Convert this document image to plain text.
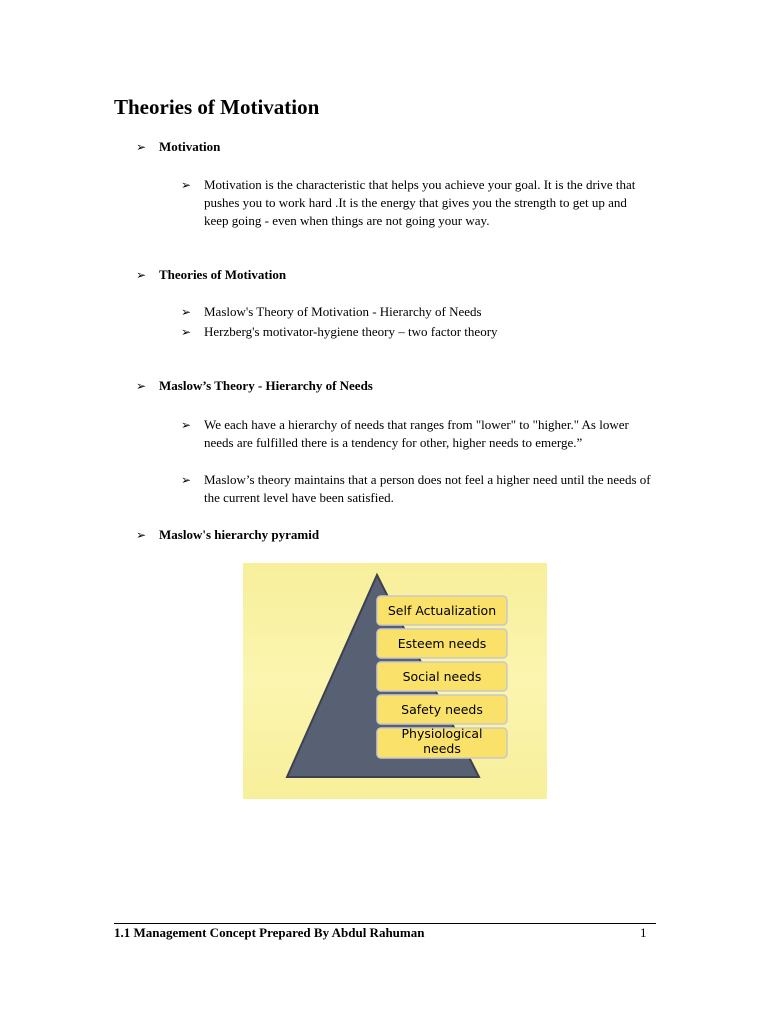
Theories of Motivation
➢ Motivation
➢ Motivation is the characteristic that helps you achieve your goal. It is the drive that pushes you to work hard .It is the energy that gives you the strength to get up and keep going - even when things are not going your way.
➢ Theories of Motivation
➢ Maslow's Theory of Motivation - Hierarchy of Needs
➢ Herzberg's motivator-hygiene theory – two factor theory
➢ Maslow’s Theory - Hierarchy of Needs
➢ We each have a hierarchy of needs that ranges from "lower" to "higher." As lower needs are fulfilled there is a tendency for other, higher needs to emerge.”
➢ Maslow’s theory maintains that a person does not feel a higher need until the needs of the current level have been satisfied.
➢ Maslow's hierarchy pyramid
Self Actualization
Esteem needs
Social needs
Safety needs
Physiological needs
1.1 Management Concept Prepared By Abdul Rahuman	1
